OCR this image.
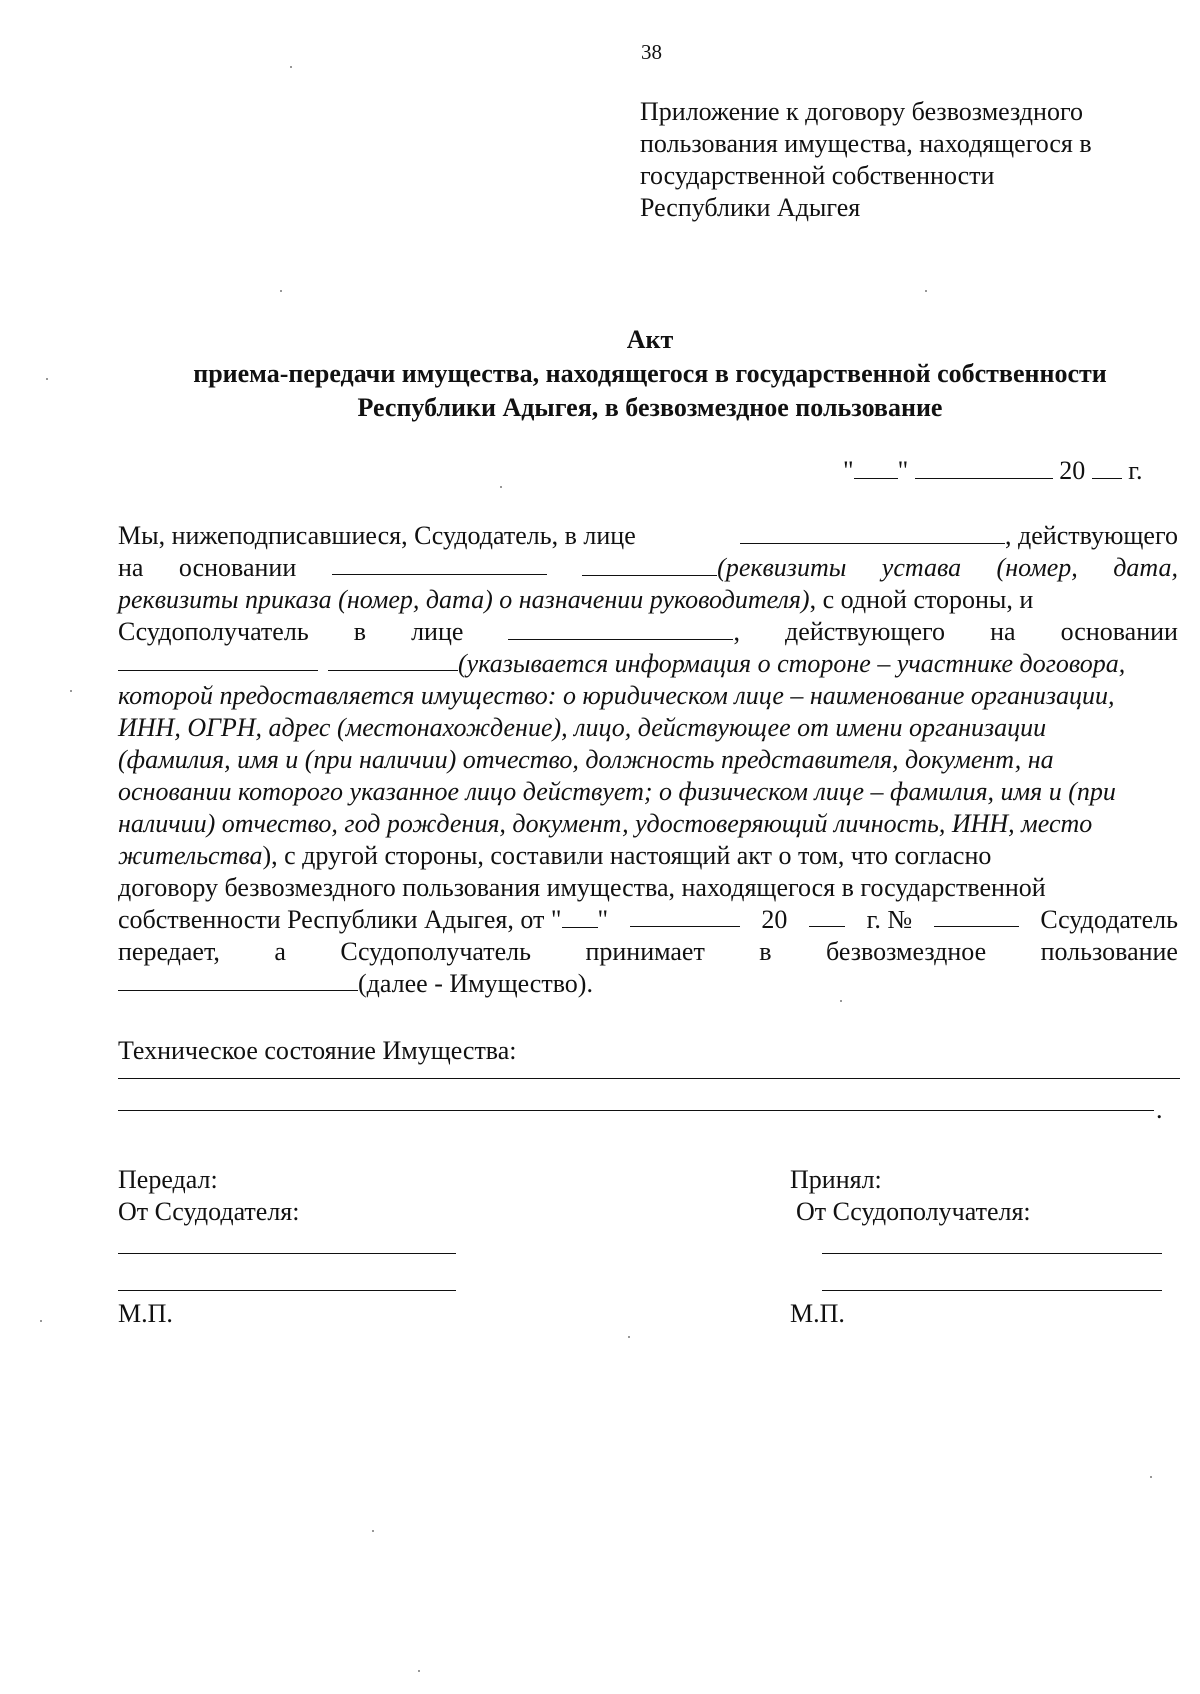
38
Приложение к договору безвозмездного
пользования имущества, находящегося в
государственной собственности
Республики Адыгея
Акт
приема-передачи имущества, находящегося в государственной собственности
Республики Адыгея, в безвозмездное пользование
" "	20 г.
Мы, нижеподписавшиеся, Ссудодатель, в лице	, действующего
на основании	(реквизиты устава (номер, дата,
реквизиты приказа (номер, дата) о назначении руководителя) , с одной стороны, и
Ссудополучатель в лице	, действующего на основании
(указывается информация о стороне – участнике договора,
которой предоставляется имущество: о юридическом лице – наименование организации,
ИНН, ОГРН, адрес (местонахождение), лицо, действующее от имени организации
(фамилия, имя и (при наличии) отчество, должность представителя, документ, на
основании которого указанное лицо действует; о физическом лице – фамилия, имя и (при
наличии) отчество, год рождения, документ, удостоверяющий личность, ИНН, место
жительства ), с другой стороны, составили настоящий акт о том, что согласно
договору безвозмездного пользования имущества, находящегося в государственной
собственности Республики Адыгея, от " "	20	г. №	Ссудодатель
передает, а Ссудополучатель принимает в безвозмездное пользование
(далее - Имущество).
Техническое состояние Имущества:
.
Передал:
От Ссудодателя:
М.П.
Принял:
От Ссудополучателя:
М.П.
